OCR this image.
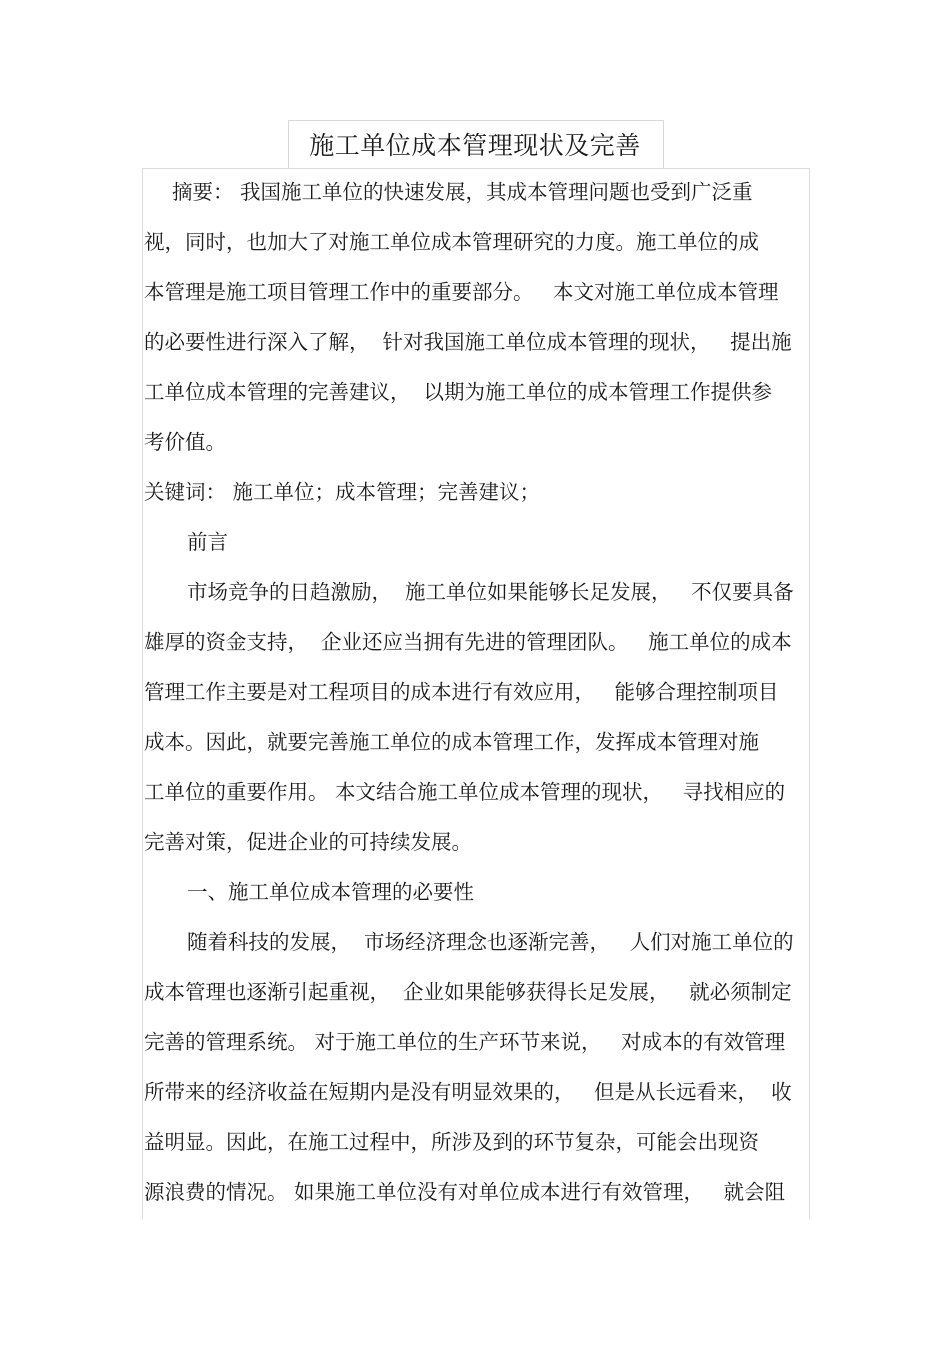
施工单位成本管理现状及完善
摘要： 我国施工单位的快速发展，其成本管理问题也受到广泛重
视，同时，也加大了对施工单位成本管理研究的力度。施工单位的成
本管理是施工项目管理工作中的重要部分。   本文对施工单位成本管理
的必要性进行深入了解，  针对我国施工单位成本管理的现状，   提出施
工单位成本管理的完善建议，  以期为施工单位的成本管理工作提供参
考价值。
关键词： 施工单位；成本管理；完善建议；
前言
市场竞争的日趋激励，  施工单位如果能够长足发展，   不仅要具备
雄厚的资金支持，  企业还应当拥有先进的管理团队。   施工单位的成本
管理工作主要是对工程项目的成本进行有效应用，   能够合理控制项目
成本。因此，就要完善施工单位的成本管理工作，发挥成本管理对施
工单位的重要作用。 本文结合施工单位成本管理的现状，   寻找相应的
完善对策，促进企业的可持续发展。
一、施工单位成本管理的必要性
随着科技的发展，  市场经济理念也逐渐完善，   人们对施工单位的
成本管理也逐渐引起重视，  企业如果能够获得长足发展，   就必须制定
完善的管理系统。 对于施工单位的生产环节来说，   对成本的有效管理
所带来的经济收益在短期内是没有明显效果的，   但是从长远看来，  收
益明显。因此，在施工过程中，所涉及到的环节复杂，可能会出现资
源浪费的情况。 如果施工单位没有对单位成本进行有效管理，   就会阻
